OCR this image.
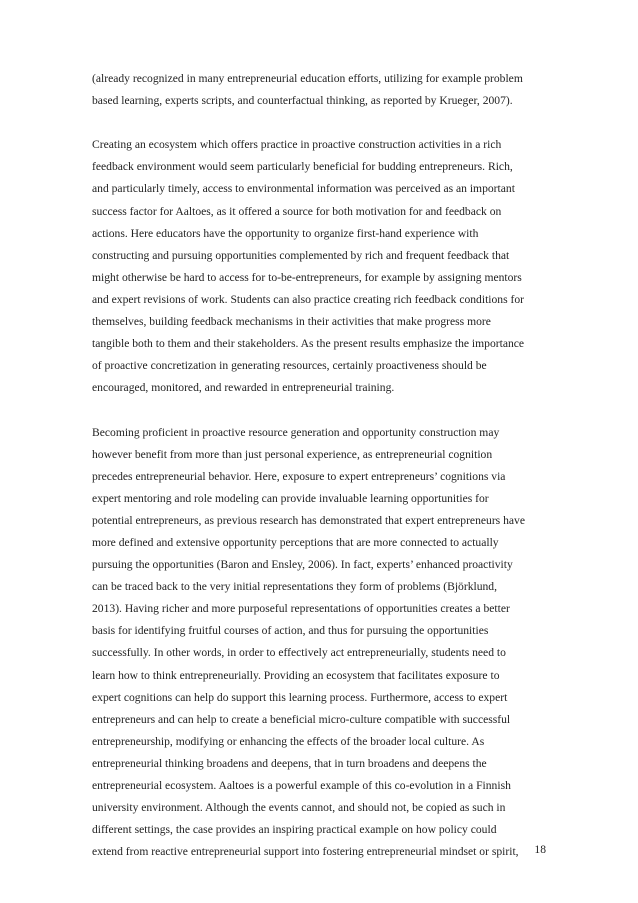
(already recognized in many entrepreneurial education efforts, utilizing for example problem
based learning, experts scripts, and counterfactual thinking, as reported by Krueger, 2007).

Creating an ecosystem which offers practice in proactive construction activities in a rich
feedback environment would seem particularly beneficial for budding entrepreneurs. Rich,
and particularly timely, access to environmental information was perceived as an important
success factor for Aaltoes, as it offered a source for both motivation for and feedback on
actions. Here educators have the opportunity to organize first-hand experience with
constructing and pursuing opportunities complemented by rich and frequent feedback that
might otherwise be hard to access for to-be-entrepreneurs, for example by assigning mentors
and expert revisions of work. Students can also practice creating rich feedback conditions for
themselves, building feedback mechanisms in their activities that make progress more
tangible both to them and their stakeholders. As the present results emphasize the importance
of proactive concretization in generating resources, certainly proactiveness should be
encouraged, monitored, and rewarded in entrepreneurial training.

Becoming proficient in proactive resource generation and opportunity construction may
however benefit from more than just personal experience, as entrepreneurial cognition
precedes entrepreneurial behavior. Here, exposure to expert entrepreneurs’ cognitions via
expert mentoring and role modeling can provide invaluable learning opportunities for
potential entrepreneurs, as previous research has demonstrated that expert entrepreneurs have
more defined and extensive opportunity perceptions that are more connected to actually
pursuing the opportunities (Baron and Ensley, 2006). In fact, experts’ enhanced proactivity
can be traced back to the very initial representations they form of problems (Björklund,
2013). Having richer and more purposeful representations of opportunities creates a better
basis for identifying fruitful courses of action, and thus for pursuing the opportunities
successfully. In other words, in order to effectively act entrepreneurially, students need to
learn how to think entrepreneurially. Providing an ecosystem that facilitates exposure to
expert cognitions can help do support this learning process. Furthermore, access to expert
entrepreneurs and can help to create a beneficial micro-culture compatible with successful
entrepreneurship, modifying or enhancing the effects of the broader local culture. As
entrepreneurial thinking broadens and deepens, that in turn broadens and deepens the
entrepreneurial ecosystem. Aaltoes is a powerful example of this co-evolution in a Finnish
university environment. Although the events cannot, and should not, be copied as such in
different settings, the case provides an inspiring practical example on how policy could
extend from reactive entrepreneurial support into fostering entrepreneurial mindset or spirit,	18
